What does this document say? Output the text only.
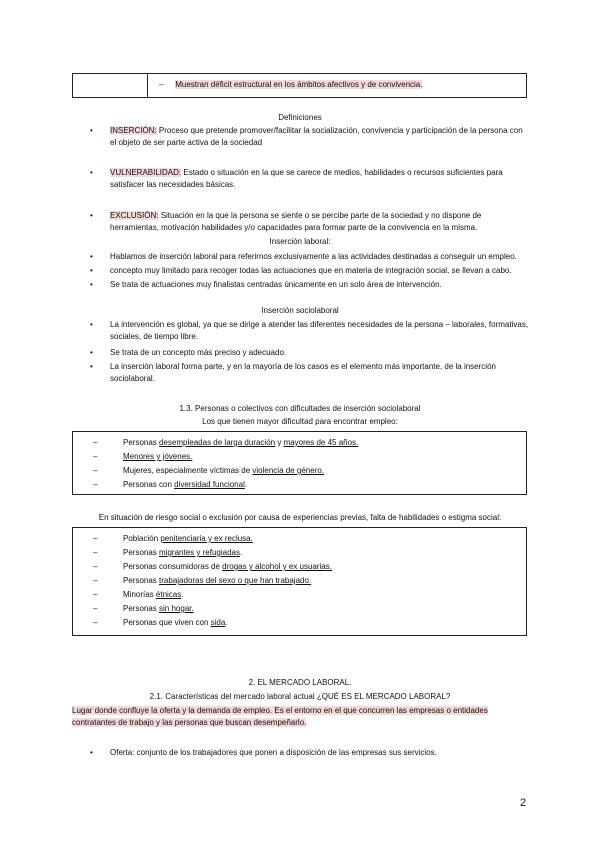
– Muestran déficit estructural en los ámbitos afectivos y de convivencia.
Definiciones
•	INSERCIÓN: Proceso que pretende promover/facilitar la socialización, convivencia y participación de la persona con el objeto de ser parte activa de la sociedad
•	VULNERABILIDAD: Estado o situación en la que se carece de medios, habilidades o recursos suficientes para satisfacer las necesidades básicas.
•	EXCLUSIÓN: Situación en la que la persona se siente o se percibe parte de la sociedad y no dispone de herramientas, motivación habilidades y/o capacidades para formar parte de la convivencia en la misma.
Inserción laboral:
•	Hablamos de inserción laboral para referirnos exclusivamente a las actividades destinadas a conseguir un empleo.
•	concepto muy limitado para recoger todas las actuaciones que en materia de integración social, se llevan a cabo.
•	Se trata de actuaciones muy finalistas centradas únicamente en un solo área de intervención.
Inserción sociolaboral
•	La intervención es global, ya que se dirige a atender las diferentes necesidades de la persona – laborales, formativas, sociales, de tiempo libre.
•	Se trata de un concepto más preciso y adecuado.
•	La inserción laboral forma parte, y en la mayoría de los casos es el elemento más importante, de la inserción sociolaboral.
1.3. Personas o colectivos con dificultades de inserción sociolaboral
Los que tienen mayor dificultad para encontrar empleo:
–	Personas desempleadas de larga duración y mayores de 45 años.
–	Menores y jóvenes.
–	Mujeres, especialmente víctimas de violencia de género.
–	Personas con diversidad funcional.
En situación de riesgo social o exclusión por causa de experiencias previas, falta de habilidades o estigma social:
–	Población penitenciaria y ex reclusa.
–	Personas migrantes y refugiadas.
–	Personas consumidoras de drogas y alcohol y ex usuarias.
–	Personas trabajadoras del sexo o que han trabajado.
–	Minorías étnicas.
–	Personas sin hogar.
–	Personas que viven con sida.
2. EL MERCADO LABORAL.
2.1. Características del mercado laboral actual ¿QUÉ ES EL MERCADO LABORAL?
Lugar donde confluye la oferta y la demanda de empleo. Es el entorno en el que concurren las empresas o entidades contratantes de trabajo y las personas que buscan desempeñarlo.
•	Oferta: conjunto de los trabajadores que ponen a disposición de las empresas sus servicios.
2
